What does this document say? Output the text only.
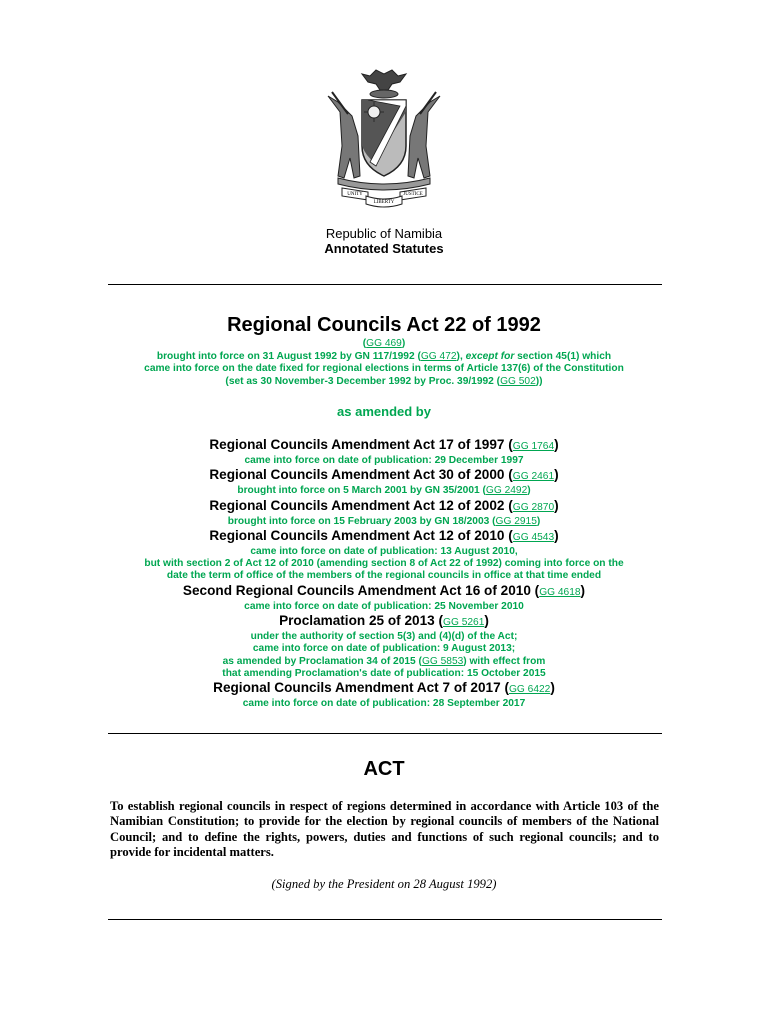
UNITY	JUSTICE
LIBERTY
Republic of Namibia
Annotated Statutes
Regional Councils Act 22 of 1992
(GG 469)
brought into force on 31 August 1992 by GN 117/1992 (GG 472), except for section 45(1) which
came into force on the date fixed for regional elections in terms of Article 137(6) of the Constitution
(set as 30 November-3 December 1992 by Proc. 39/1992 (GG 502))
as amended by
Regional Councils Amendment Act 17 of 1997 (GG 1764)
came into force on date of publication: 29 December 1997
Regional Councils Amendment Act 30 of 2000 (GG 2461)
brought into force on 5 March 2001 by GN 35/2001 (GG 2492)
Regional Councils Amendment Act 12 of 2002 (GG 2870)
brought into force on 15 February 2003 by GN 18/2003 (GG 2915)
Regional Councils Amendment Act 12 of 2010 (GG 4543)
came into force on date of publication: 13 August 2010,
but with section 2 of Act 12 of 2010 (amending section 8 of Act 22 of 1992) coming into force on the
date the term of office of the members of the regional councils in office at that time ended
Second Regional Councils Amendment Act 16 of 2010 (GG 4618)
came into force on date of publication: 25 November 2010
Proclamation 25 of 2013 (GG 5261)
under the authority of section 5(3) and (4)(d) of the Act;
came into force on date of publication: 9 August 2013;
as amended by Proclamation 34 of 2015 (GG 5853) with effect from
that amending Proclamation's date of publication: 15 October 2015
Regional Councils Amendment Act 7 of 2017 (GG 6422)
came into force on date of publication: 28 September 2017
ACT
To establish regional councils in respect of regions determined in accordance with Article 103 of the Namibian Constitution; to provide for the election by regional councils of members of the National Council; and to define the rights, powers, duties and functions of such regional councils; and to provide for incidental matters.
(Signed by the President on 28 August 1992)
